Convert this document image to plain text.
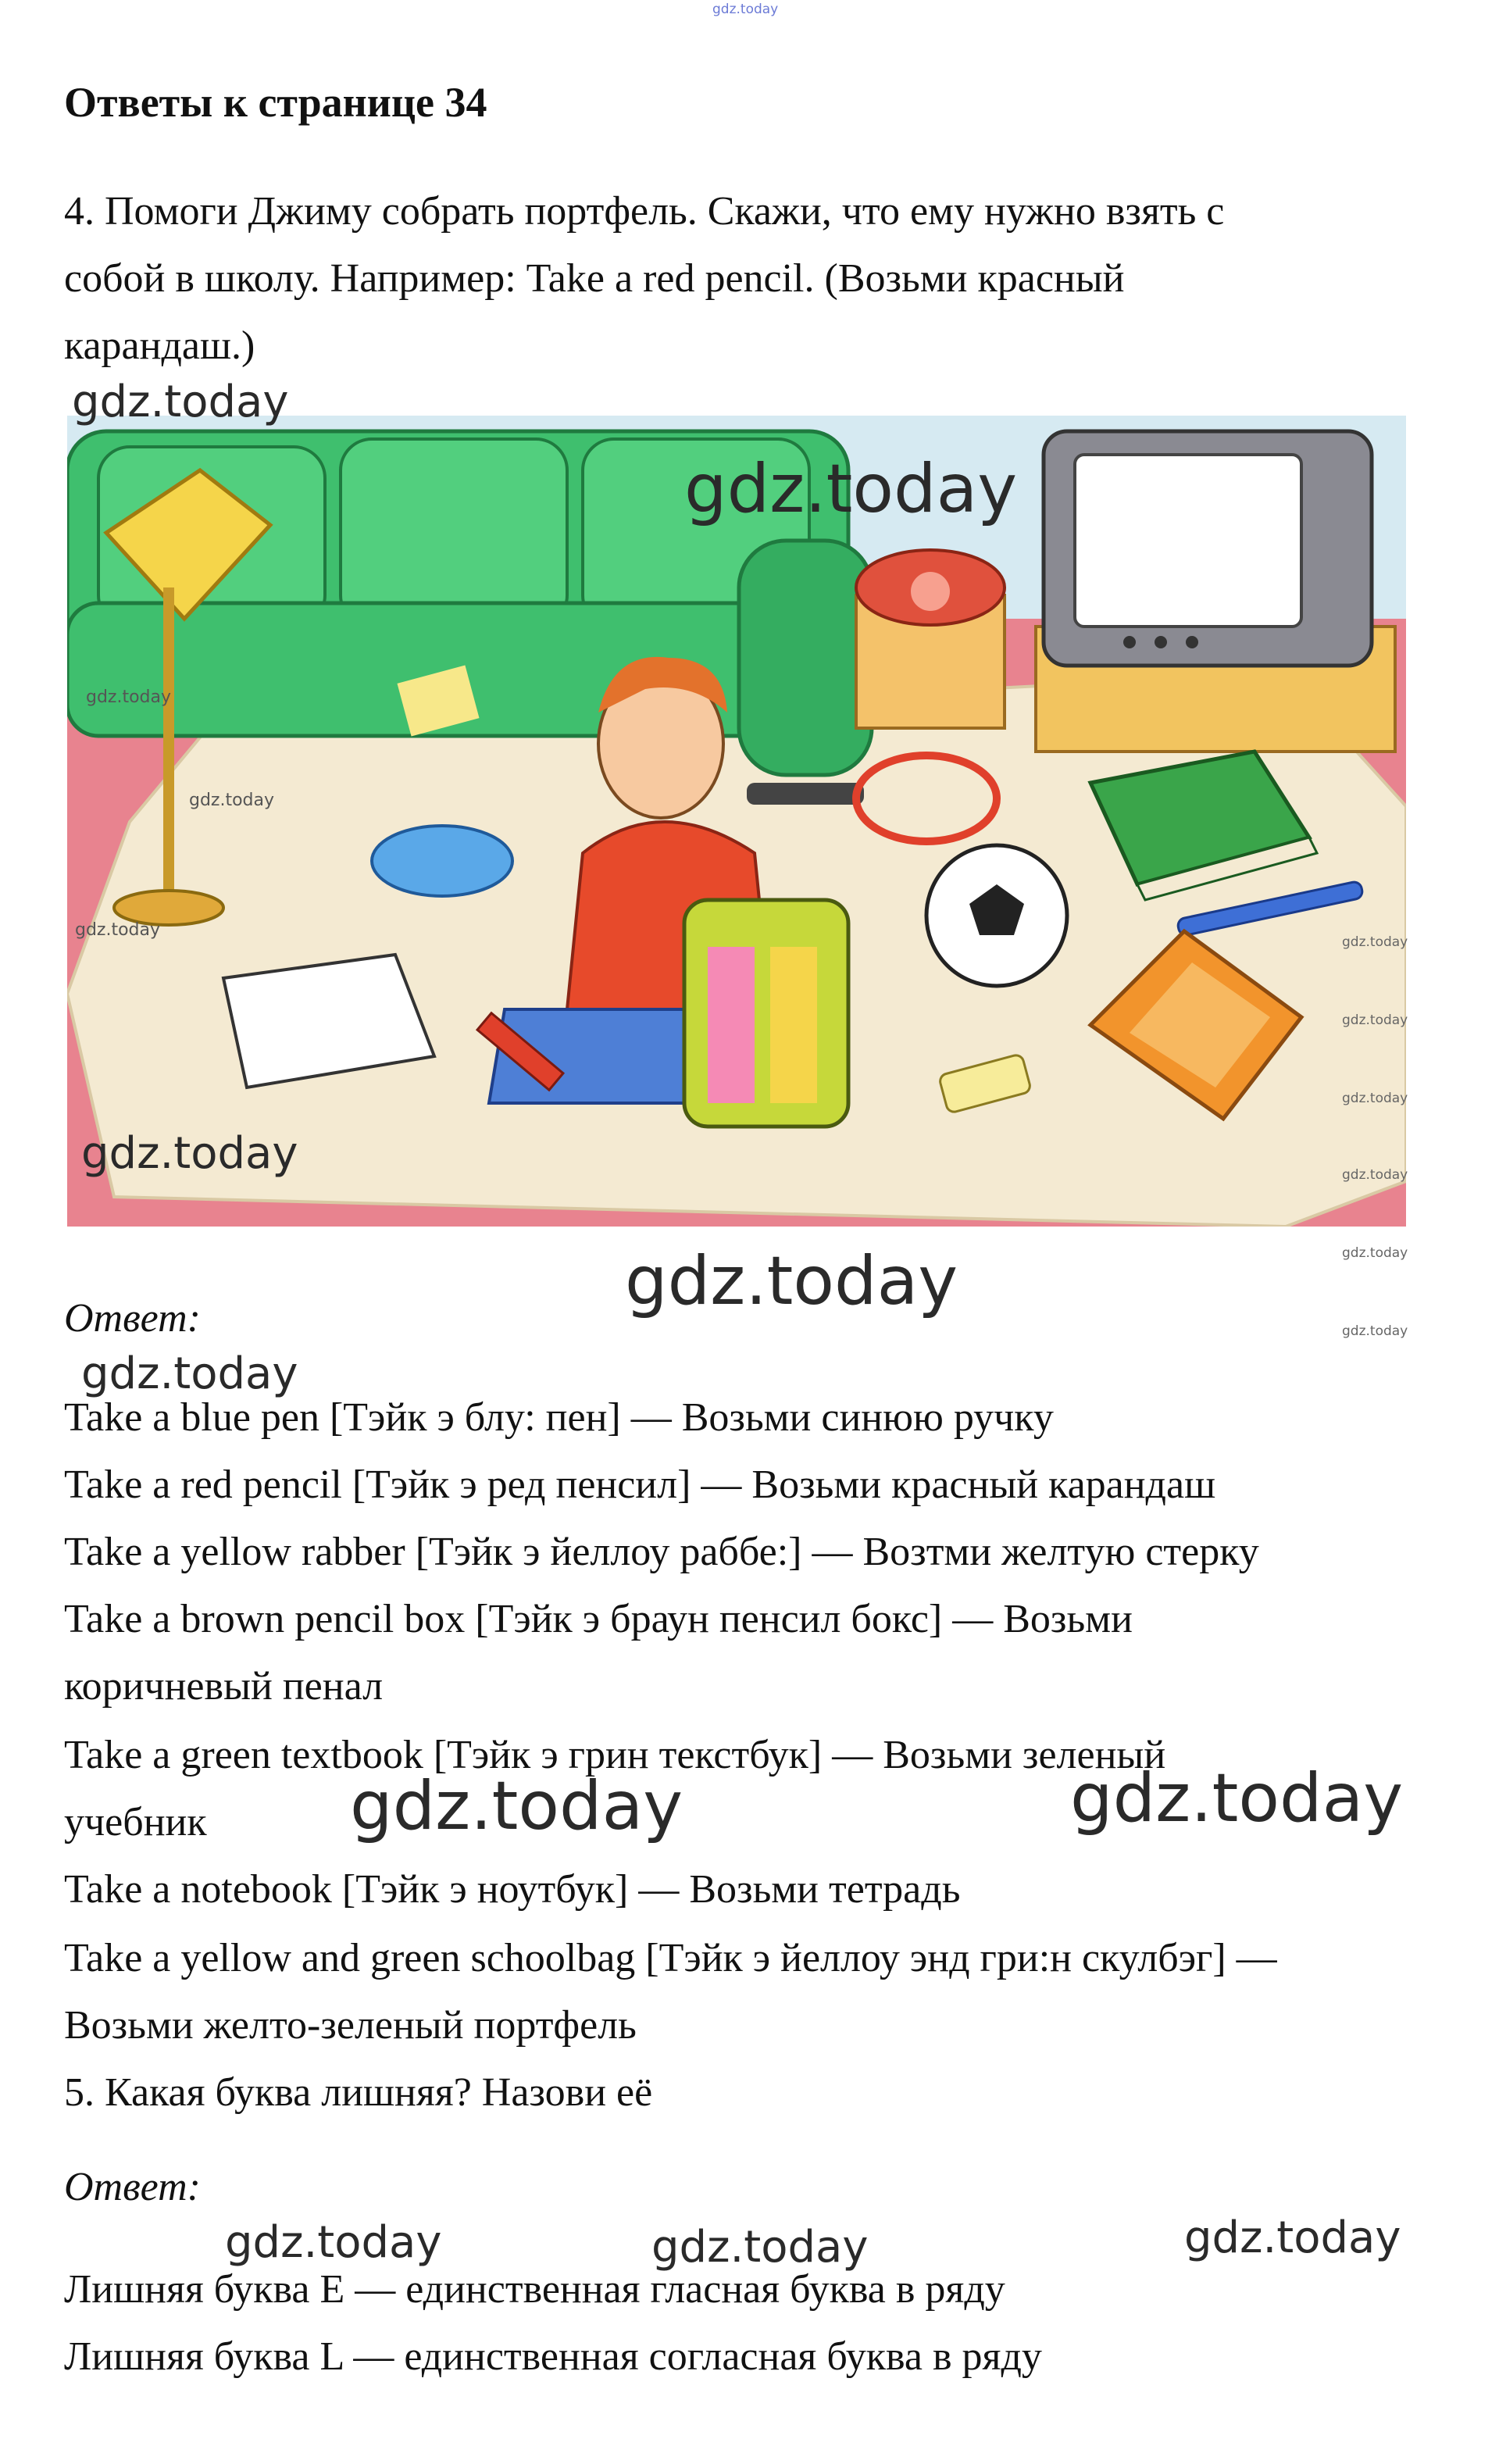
gdz.today
Ответы к странице 34
4. Помоги Джиму собрать портфель. Скажи, что ему нужно взять с
собой в школу. Например: Take a red pencil. (Возьми красный
карандаш.)
gdz.today
gdz.today
gdz.today
gdz.today
gdz.today
gdz.today
gdz.today
gdz.today
gdz.today
gdz.today
gdz.today
gdz.today
Ответ:	gdz.today
gdz.today
Take a blue pen [Тэйк э блу: пен] — Возьми синюю ручку
Take a red pencil [Тэйк э ред пенсил] — Возьми красный карандаш
Take a yellow rabber [Тэйк э йеллоу раббе:] — Возтми желтую стерку
Take a brown pencil box [Тэйк э браун пенсил бокс] — Возьми
коричневый пенал
Take a green textbook [Тэйк э грин текстбук] — Возьми зеленый
учебник
Take a notebook [Тэйк э ноутбук] — Возьми тетрадь
Take a yellow and green schoolbag [Тэйк э йеллоу энд гри:н скулбэг] —
Возьми желто-зеленый портфель
gdz.today	gdz.today
5. Какая буква лишняя? Назови её
Ответ:
gdz.today	gdz.today	gdz.today
Лишняя буква E — единственная гласная буква в ряду
Лишняя буква L — единственная согласная буква в ряду
